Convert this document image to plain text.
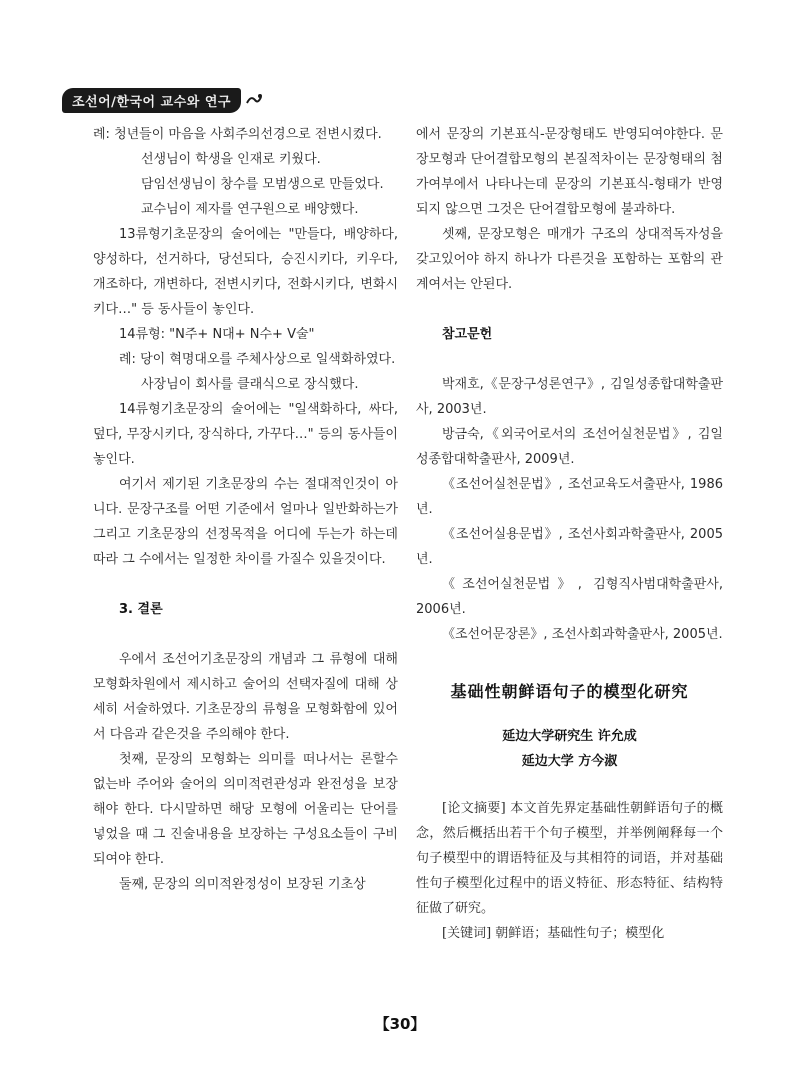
조선어/한국어 교수와 연구

례: 청년들이 마음을 사회주의선경으로 전변시켰다.

선생님이 학생을 인재로 키웠다.

담임선생님이 창수를 모범생으로 만들었다.

교수님이 제자를 연구원으로 배양했다.

13류형기초문장의 술어에는 "만들다, 배양하다, 양성하다, 선거하다, 당선되다, 승진시키다, 키우다, 개조하다, 개변하다, 전변시키다, 전화시키다, 변화시키다…" 등 동사들이 놓인다.

14류형: "N주+ N대+ N수+ V술"

례: 당이 혁명대오를 주체사상으로 일색화하였다.

사장님이 회사를 클래식으로 장식했다.

14류형기초문장의 술어에는 "일색화하다, 싸다, 덮다, 무장시키다, 장식하다, 가꾸다…" 등의 동사들이 놓인다.

여기서 제기된 기초문장의 수는 절대적인것이 아니다. 문장구조를 어떤 기준에서 얼마나 일반화하는가 그리고 기초문장의 선정목적을 어디에 두는가 하는데 따라 그 수에서는 일정한 차이를 가질수 있을것이다.

3. 결론

우에서 조선어기초문장의 개념과 그 류형에 대해 모형화차원에서 제시하고 술어의 선택자질에 대해 상세히 서술하였다. 기초문장의 류형을 모형화함에 있어서 다음과 같은것을 주의해야 한다.

첫째, 문장의 모형화는 의미를 떠나서는 론할수 없는바 주어와 술어의 의미적련관성과 완전성을 보장해야 한다. 다시말하면 해당 모형에 어울리는 단어를 넣었을 때 그 진술내용을 보장하는 구성요소들이 구비되여야 한다.

둘째, 문장의 의미적완정성이 보장된 기초상

에서 문장의 기본표식-문장형태도 반영되여야한다. 문장모형과 단어결합모형의 본질적차이는 문장형태의 첨가여부에서 나타나는데 문장의 기본표식-형태가 반영되지 않으면 그것은 단어결합모형에 불과하다.

셋째, 문장모형은 매개가 구조의 상대적독자성을 갖고있어야 하지 하나가 다른것을 포함하는 포함의 관계여서는 안된다.

참고문헌

박재호,《문장구성론연구》, 김일성종합대학출판사, 2003년.

방금숙,《외국어로서의 조선어실천문법》, 김일성종합대학출판사, 2009년.

《조선어실천문법》, 조선교육도서출판사, 1986년.

《조선어실용문법》, 조선사회과학출판사, 2005년.

《조선어실천문법》, 김형직사범대학출판사, 2006년.

《조선어문장론》, 조선사회과학출판사, 2005년.

基础性朝鲜语句子的模型化研究

延边大学研究生 许允成

延边大学 方今淑

[论文摘要] 本文首先界定基础性朝鲜语句子的概念，然后概括出若干个句子模型，并举例阐释每一个句子模型中的谓语特征及与其相符的词语，并对基础性句子模型化过程中的语义特征、形态特征、结构特征做了研究。

[关键词] 朝鲜语；基础性句子；模型化

【30】
